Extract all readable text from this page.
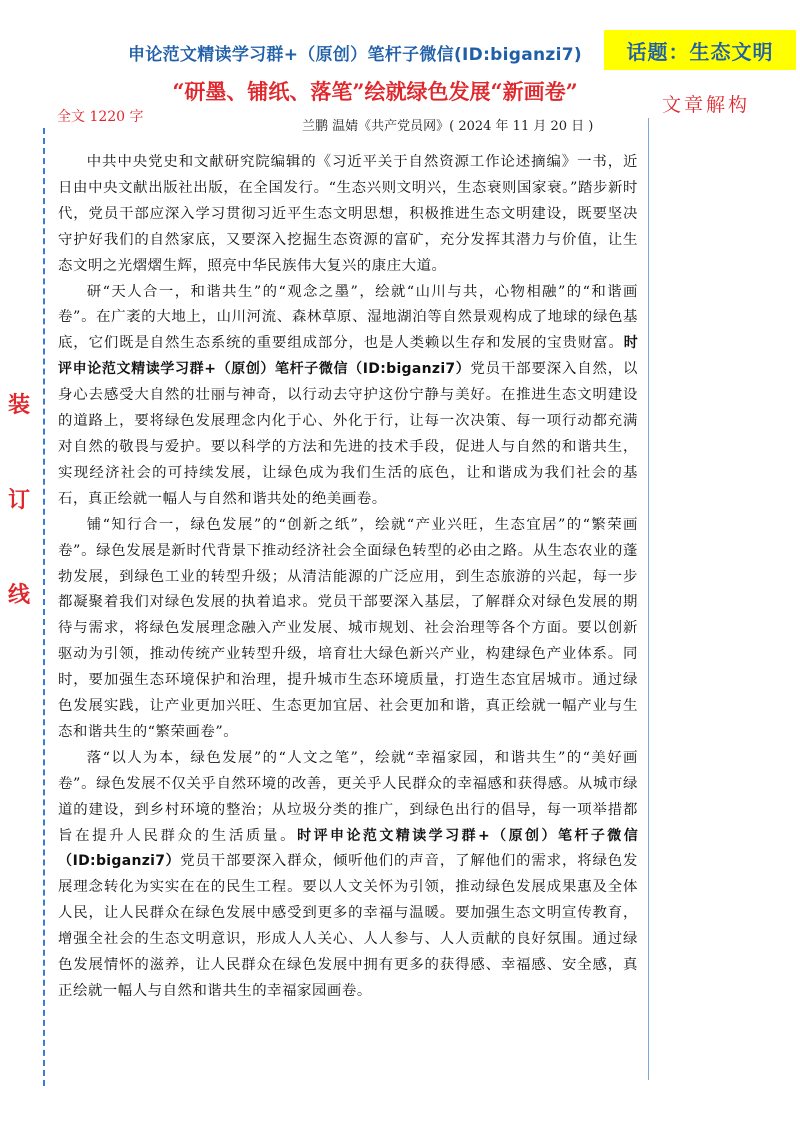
申论范文精读学习群+（原创）笔杆子微信(ID:biganzi7)	话题：生态文明
“研墨、铺纸、落笔”绘就绿色发展“新画卷”
文章解构
全文 1220 字
兰鹏 温婧《共产党员网》( 2024 年 11 月 20 日 )
装
订
线

中共中央党史和文献研究院编辑的《习近平关于自然资源工作论述摘编》一书，近日由中央文献出版社出版，在全国发行。“生态兴则文明兴，生态衰则国家衰。”踏步新时代，党员干部应深入学习贯彻习近平生态文明思想，积极推进生态文明建设，既要坚决守护好我们的自然家底，又要深入挖掘生态资源的富矿，充分发挥其潜力与价值，让生态文明之光熠熠生辉，照亮中华民族伟大复兴的康庄大道。

研“天人合一，和谐共生”的“观念之墨”，绘就“山川与共，心物相融”的“和谐画卷”。在广袤的大地上，山川河流、森林草原、湿地湖泊等自然景观构成了地球的绿色基底，它们既是自然生态系统的重要组成部分，也是人类赖以生存和发展的宝贵财富。时评申论范文精读学习群+（原创）笔杆子微信（ID:biganzi7）党员干部要深入自然，以身心去感受大自然的壮丽与神奇，以行动去守护这份宁静与美好。在推进生态文明建设的道路上，要将绿色发展理念内化于心、外化于行，让每一次决策、每一项行动都充满对自然的敬畏与爱护。要以科学的方法和先进的技术手段，促进人与自然的和谐共生，实现经济社会的可持续发展，让绿色成为我们生活的底色，让和谐成为我们社会的基石，真正绘就一幅人与自然和谐共处的绝美画卷。

铺“知行合一，绿色发展”的“创新之纸”，绘就“产业兴旺，生态宜居”的“繁荣画卷”。绿色发展是新时代背景下推动经济社会全面绿色转型的必由之路。从生态农业的蓬勃发展，到绿色工业的转型升级；从清洁能源的广泛应用，到生态旅游的兴起，每一步都凝聚着我们对绿色发展的执着追求。党员干部要深入基层，了解群众对绿色发展的期待与需求，将绿色发展理念融入产业发展、城市规划、社会治理等各个方面。要以创新驱动为引领，推动传统产业转型升级，培育壮大绿色新兴产业，构建绿色产业体系。同时，要加强生态环境保护和治理，提升城市生态环境质量，打造生态宜居城市。通过绿色发展实践，让产业更加兴旺、生态更加宜居、社会更加和谐，真正绘就一幅产业与生态和谐共生的“繁荣画卷”。

落“以人为本，绿色发展”的“人文之笔”，绘就“幸福家园，和谐共生”的“美好画卷”。绿色发展不仅关乎自然环境的改善，更关乎人民群众的幸福感和获得感。从城市绿道的建设，到乡村环境的整治；从垃圾分类的推广，到绿色出行的倡导，每一项举措都旨在提升人民群众的生活质量。时评申论范文精读学习群+（原创）笔杆子微信（ID:biganzi7）党员干部要深入群众，倾听他们的声音，了解他们的需求，将绿色发展理念转化为实实在在的民生工程。要以人文关怀为引领，推动绿色发展成果惠及全体人民，让人民群众在绿色发展中感受到更多的幸福与温暖。要加强生态文明宣传教育，增强全社会的生态文明意识，形成人人关心、人人参与、人人贡献的良好氛围。通过绿色发展情怀的滋养，让人民群众在绿色发展中拥有更多的获得感、幸福感、安全感，真正绘就一幅人与自然和谐共生的幸福家园画卷。
